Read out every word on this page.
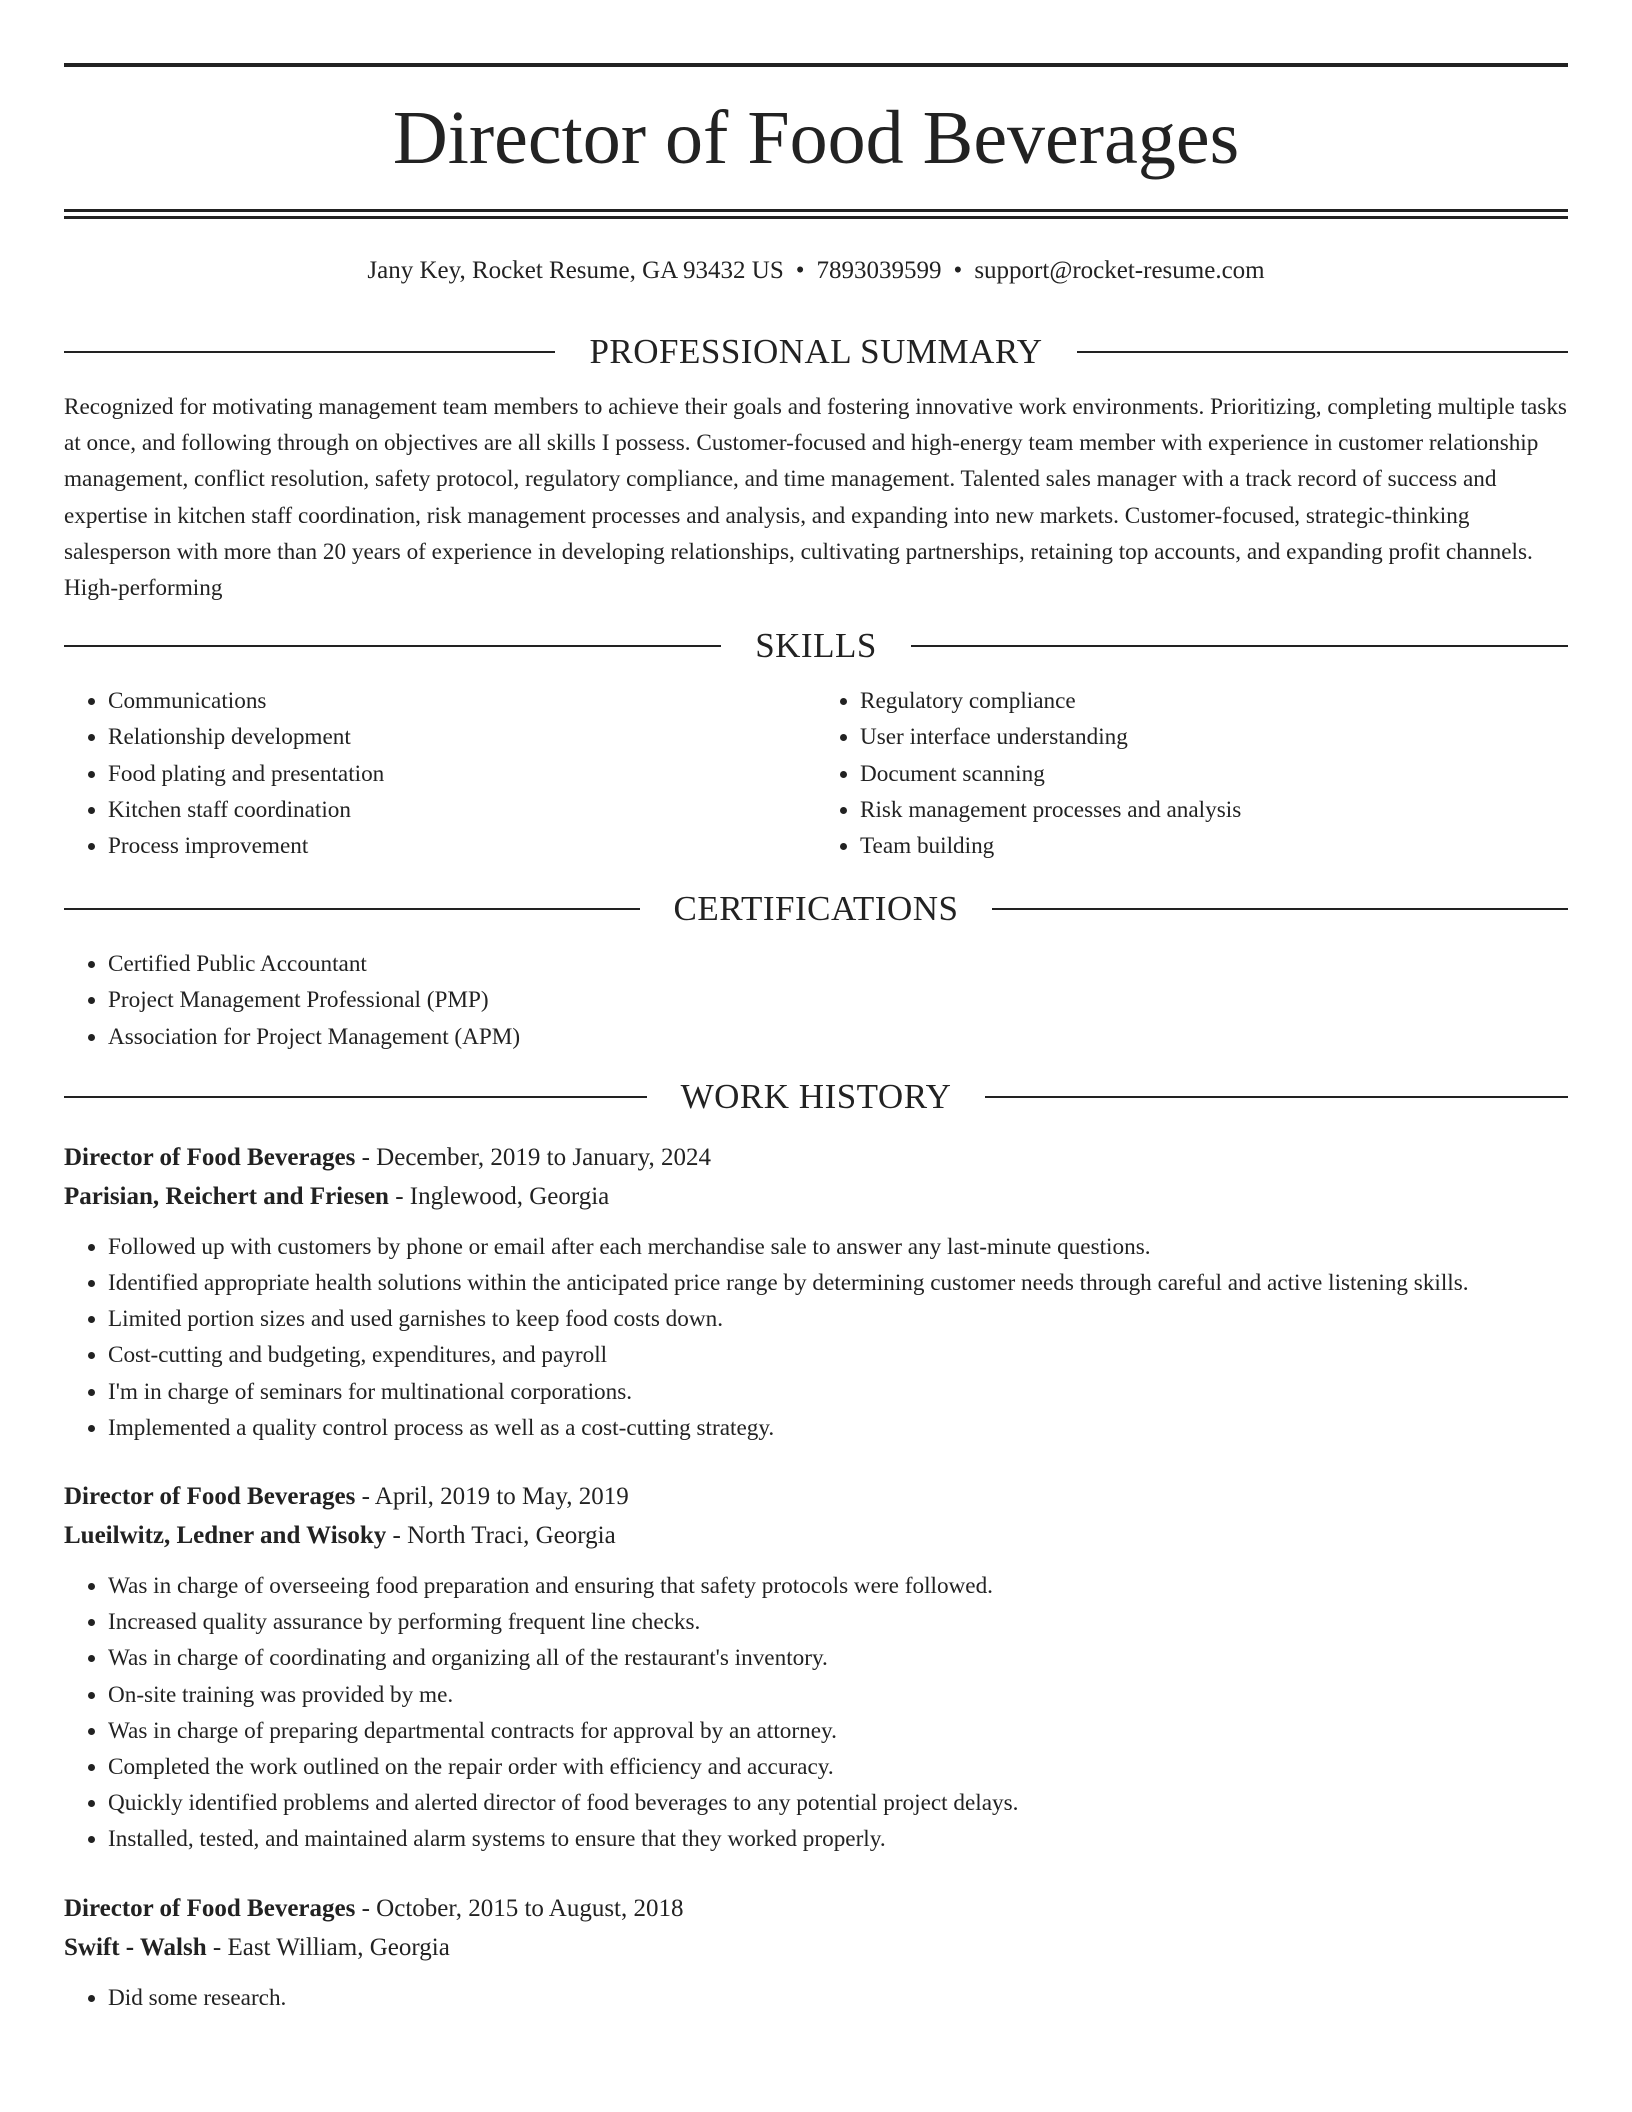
Director of Food Beverages
Jany Key, Rocket Resume, GA 93432 US • 7893039599 • support@rocket-resume.com
PROFESSIONAL SUMMARY

Recognized for motivating management team members to achieve their goals and fostering innovative work environments. Prioritizing, completing multiple tasks at once, and following through on objectives are all skills I possess. Customer-focused and high-energy team member with experience in customer relationship management, conflict resolution, safety protocol, regulatory compliance, and time management. Talented sales manager with a track record of success and expertise in kitchen staff coordination, risk management processes and analysis, and expanding into new markets. Customer-focused, strategic-thinking salesperson with more than 20 years of experience in developing relationships, cultivating partnerships, retaining top accounts, and expanding profit channels. High-performing

SKILLS
• Communications
• Relationship development
• Food plating and presentation
• Kitchen staff coordination
• Process improvement
• Regulatory compliance
• User interface understanding
• Document scanning
• Risk management processes and analysis
• Team building
CERTIFICATIONS
• Certified Public Accountant
• Project Management Professional (PMP)
• Association for Project Management (APM)
WORK HISTORY
Director of Food Beverages - December, 2019 to January, 2024
Parisian, Reichert and Friesen - Inglewood, Georgia
• Followed up with customers by phone or email after each merchandise sale to answer any last-minute questions.
• Identified appropriate health solutions within the anticipated price range by determining customer needs through careful and active listening skills.
• Limited portion sizes and used garnishes to keep food costs down.
• Cost-cutting and budgeting, expenditures, and payroll
• I'm in charge of seminars for multinational corporations.
• Implemented a quality control process as well as a cost-cutting strategy.
Director of Food Beverages - April, 2019 to May, 2019
Lueilwitz, Ledner and Wisoky - North Traci, Georgia
• Was in charge of overseeing food preparation and ensuring that safety protocols were followed.
• Increased quality assurance by performing frequent line checks.
• Was in charge of coordinating and organizing all of the restaurant's inventory.
• On-site training was provided by me.
• Was in charge of preparing departmental contracts for approval by an attorney.
• Completed the work outlined on the repair order with efficiency and accuracy.
• Quickly identified problems and alerted director of food beverages to any potential project delays.
• Installed, tested, and maintained alarm systems to ensure that they worked properly.
Director of Food Beverages - October, 2015 to August, 2018
Swift - Walsh - East William, Georgia
• Did some research.
